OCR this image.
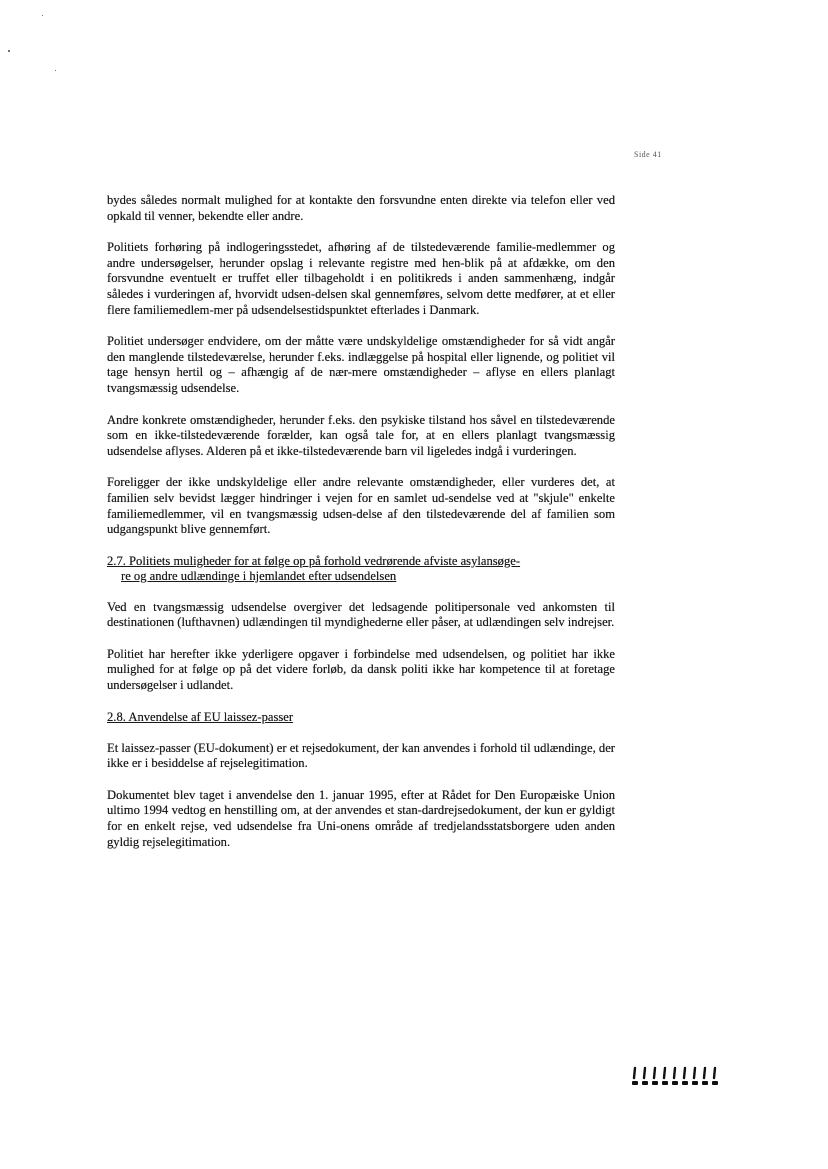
Side 41

bydes således normalt mulighed for at kontakte den forsvundne enten direkte via telefon eller ved opkald til venner, bekendte eller andre.

Politiets forhøring på indlogeringsstedet, afhøring af de tilstedeværende familie-medlemmer og andre undersøgelser, herunder opslag i relevante registre med hen-blik på at afdække, om den forsvundne eventuelt er truffet eller tilbageholdt i en politikreds i anden sammenhæng, indgår således i vurderingen af, hvorvidt udsen-delsen skal gennemføres, selvom dette medfører, at et eller flere familiemedlem-mer på udsendelsestidspunktet efterlades i Danmark.

Politiet undersøger endvidere, om der måtte være undskyldelige omstændigheder for så vidt angår den manglende tilstedeværelse, herunder f.eks. indlæggelse på hospital eller lignende, og politiet vil tage hensyn hertil og – afhængig af de nær-mere omstændigheder – aflyse en ellers planlagt tvangsmæssig udsendelse.

Andre konkrete omstændigheder, herunder f.eks. den psykiske tilstand hos såvel en tilstedeværende som en ikke-tilstedeværende forælder, kan også tale for, at en ellers planlagt tvangsmæssig udsendelse aflyses. Alderen på et ikke-tilstedeværende barn vil ligeledes indgå i vurderingen.

Foreligger der ikke undskyldelige eller andre relevante omstændigheder, eller vurderes det, at familien selv bevidst lægger hindringer i vejen for en samlet ud-sendelse ved at "skjule" enkelte familiemedlemmer, vil en tvangsmæssig udsen-delse af den tilstedeværende del af familien som udgangspunkt blive gennemført.

2.7. Politiets muligheder for at følge op på forhold vedrørende afviste asylansøge-
re og andre udlændinge i hjemlandet efter udsendelsen

Ved en tvangsmæssig udsendelse overgiver det ledsagende politipersonale ved ankomsten til destinationen (lufthavnen) udlændingen til myndighederne eller påser, at udlændingen selv indrejser.

Politiet har herefter ikke yderligere opgaver i forbindelse med udsendelsen, og politiet har ikke mulighed for at følge op på det videre forløb, da dansk politi ikke har kompetence til at foretage undersøgelser i udlandet.

2.8. Anvendelse af EU laissez-passer

Et laissez-passer (EU-dokument) er et rejsedokument, der kan anvendes i forhold til udlændinge, der ikke er i besiddelse af rejselegitimation.

Dokumentet blev taget i anvendelse den 1. januar 1995, efter at Rådet for Den Europæiske Union ultimo 1994 vedtog en henstilling om, at der anvendes et stan-dardrejsedokument, der kun er gyldigt for en enkelt rejse, ved udsendelse fra Uni-onens område af tredjelandsstatsborgere uden anden gyldig rejselegitimation.
